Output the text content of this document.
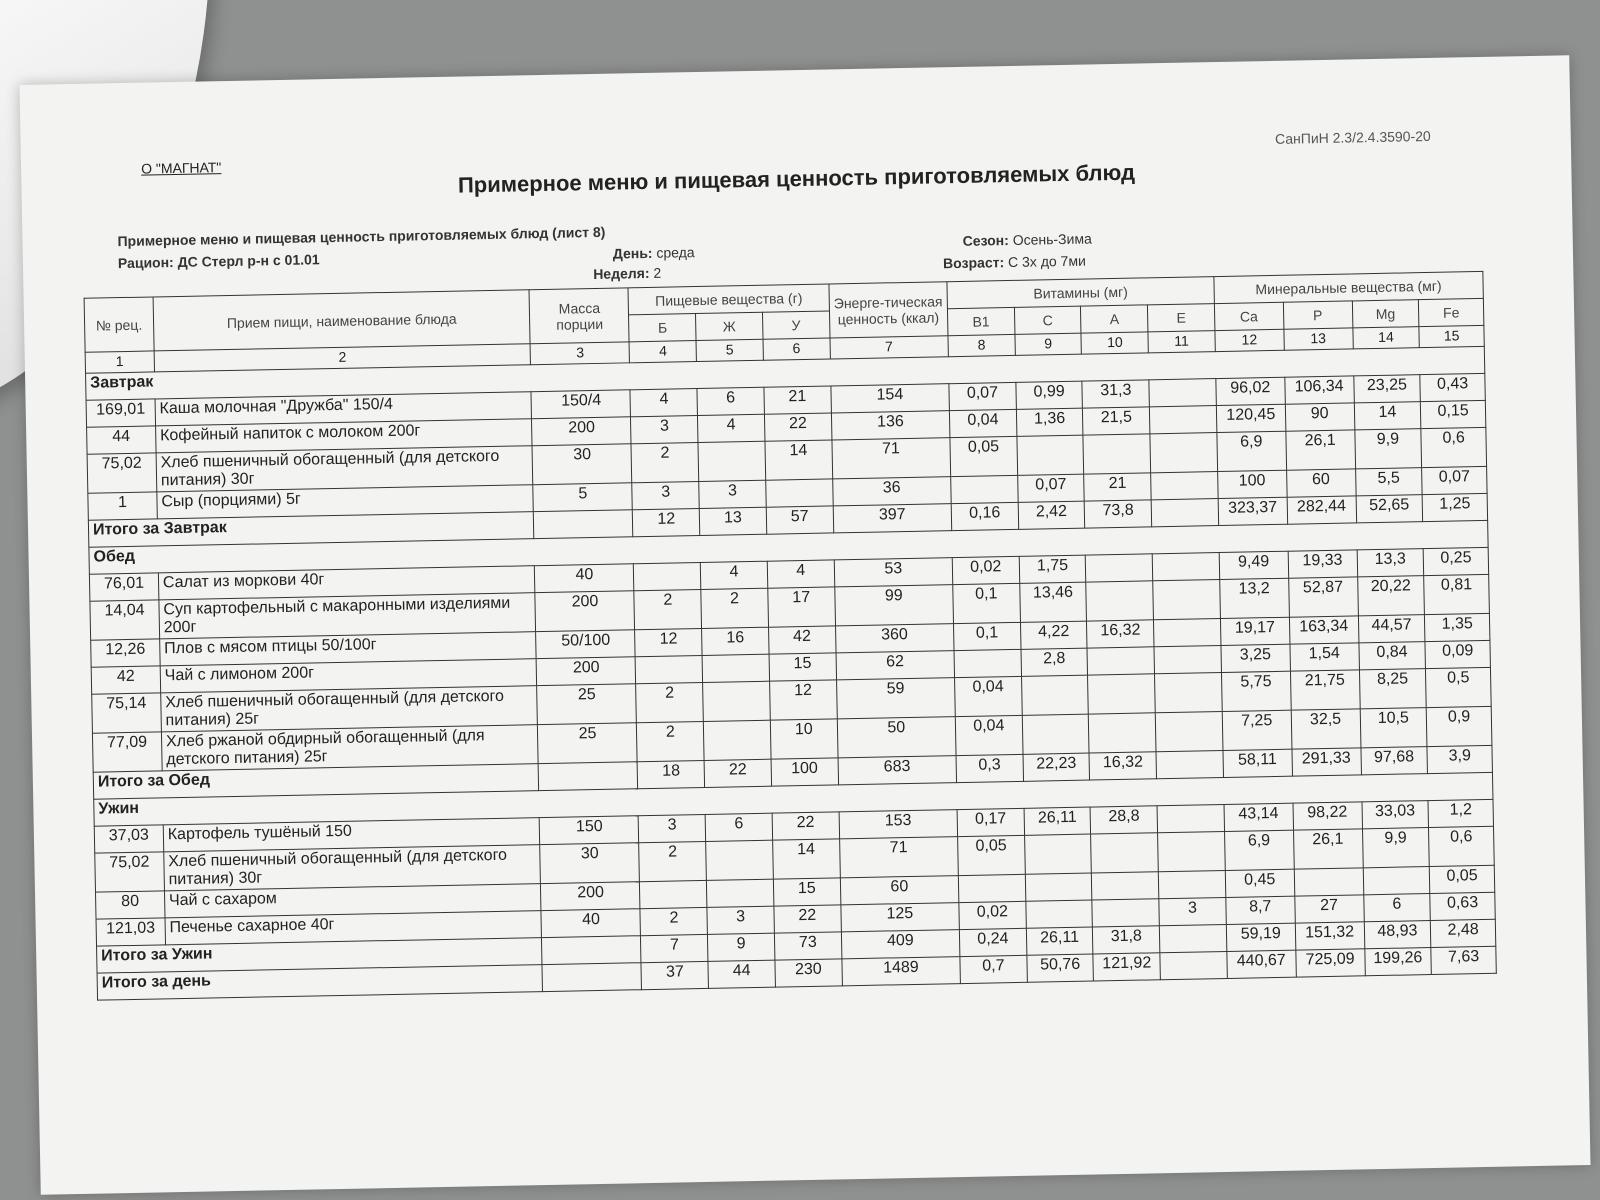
О "МАГНАТ"
СанПиН 2.3/2.4.3590-20
Примерное меню и пищевая ценность приготовляемых блюд
Примерное меню и пищевая ценность приготовляемых блюд (лист 8)
Рацион: ДС Стерл р-н с 01.01	День: среда
Неделя: 2
Сезон: Осень-Зима
Возраст: С 3х до 7ми
№ рец.	Прием пищи, наименование блюда	Масса порции	Пищевые вещества (г)			Энерге-тическая ценность (ккал)	Витамины (мг)				Минеральные вещества (мг)			
			Б	Ж	У		В1	С	А	Е	Ca	P	Mg	Fe
1	2	3	4	5	6	7	8	9	10	11	12	13	14	15
Завтрак														
169,01	Каша молочная "Дружба" 150/4	150/4	4	6	21	154	0,07	0,99	31,3		96,02	106,34	23,25	0,43
44	Кофейный напиток с молоком 200г	200	3	4	22	136	0,04	1,36	21,5		120,45	90	14	0,15
75,02	Хлеб пшеничный обогащенный (для детского питания) 30г	30	2		14	71	0,05				6,9	26,1	9,9	0,6
1	Сыр (порциями) 5г	5	3	3		36		0,07	21		100	60	5,5	0,07
Итого за Завтрак			12	13	57	397	0,16	2,42	73,8		323,37	282,44	52,65	1,25
Обед														
76,01	Салат из моркови 40г	40		4	4	53	0,02	1,75			9,49	19,33	13,3	0,25
14,04	Суп картофельный с макаронными изделиями 200г	200	2	2	17	99	0,1	13,46			13,2	52,87	20,22	0,81
12,26	Плов с мясом птицы 50/100г	50/100	12	16	42	360	0,1	4,22	16,32		19,17	163,34	44,57	1,35
42	Чай с лимоном 200г	200			15	62		2,8			3,25	1,54	0,84	0,09
75,14	Хлеб пшеничный обогащенный (для детского питания) 25г	25	2		12	59	0,04				5,75	21,75	8,25	0,5
77,09	Хлеб ржаной обдирный обогащенный (для детского питания) 25г	25	2		10	50	0,04				7,25	32,5	10,5	0,9
Итого за Обед			18	22	100	683	0,3	22,23	16,32		58,11	291,33	97,68	3,9
Ужин														
37,03	Картофель тушёный 150	150	3	6	22	153	0,17	26,11	28,8		43,14	98,22	33,03	1,2
75,02	Хлеб пшеничный обогащенный (для детского питания) 30г	30	2		14	71	0,05				6,9	26,1	9,9	0,6
80	Чай с сахаром	200			15	60					0,45			0,05
121,03	Печенье сахарное 40г	40	2	3	22	125	0,02			3	8,7	27	6	0,63
Итого за Ужин			7	9	73	409	0,24	26,11	31,8		59,19	151,32	48,93	2,48
Итого за день			37	44	230	1489	0,7	50,76	121,92		440,67	725,09	199,26	7,63
